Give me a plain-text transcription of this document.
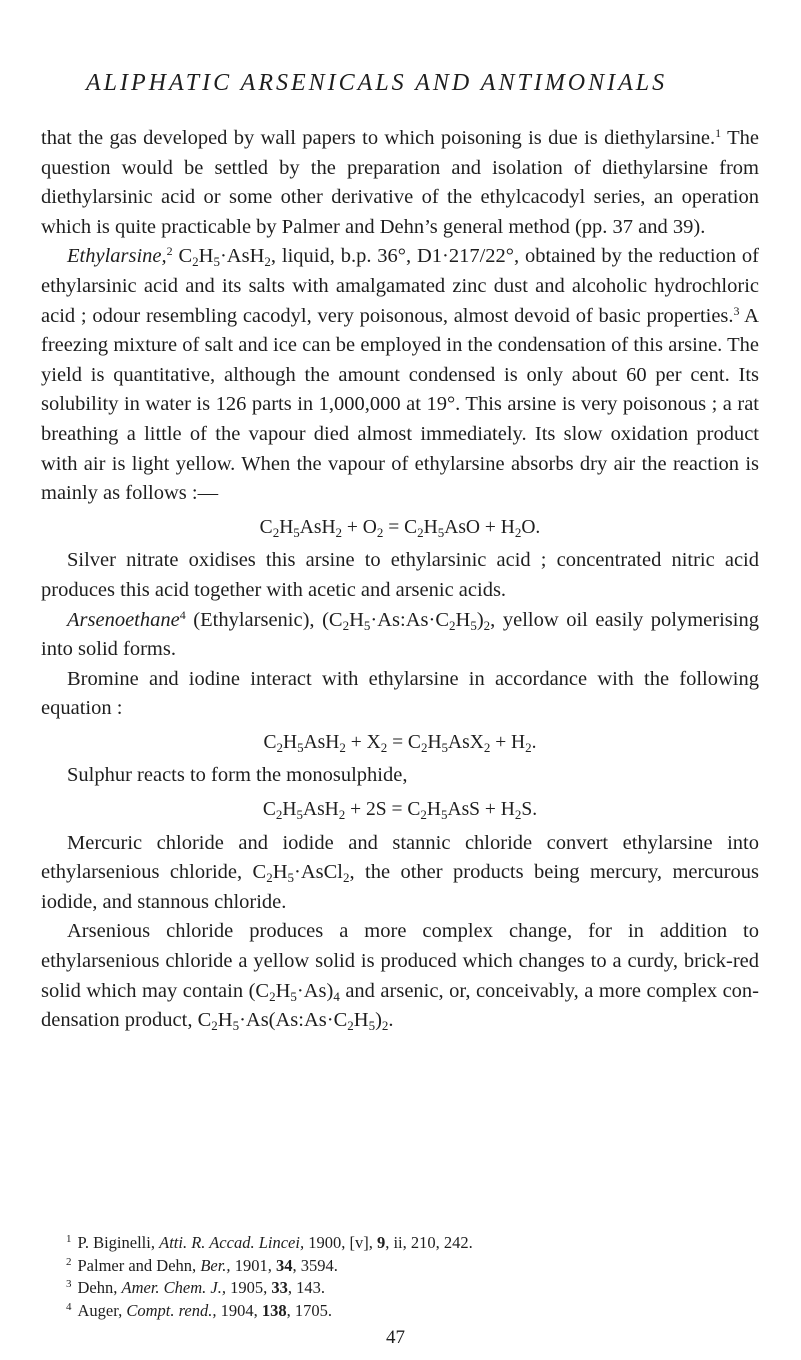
ALIPHATIC ARSENICALS AND ANTIMONIALS

that the gas developed by wall papers to which poisoning is due is diethylarsine.$^1$ The question would be settled by the preparation and isolation of diethylarsine from diethylarsinic acid or some other derivative of the ethylcacodyl series, an operation which is quite practicable by Palmer and Dehn’s general method (pp. 37 and 39).

Ethylarsine,$^2$ $C_2H_5\cdot AsH_2$, liquid, b.p. 36°, D1·217/22°, obtained by the reduction of ethylarsinic acid and its salts with amalgamated zinc dust and alcoholic hydrochloric acid ; odour resembling cacodyl, very poisonous, almost devoid of basic properties.$^3$ A freezing mixture of salt and ice can be employed in the condensation of this arsine. The yield is quantitative, although the amount condensed is only about 60 per cent. Its solubility in water is 126 parts in 1,000,000 at 19°. This arsine is very poisonous ; a rat breathing a little of the vapour died almost immediately. Its slow oxidation product with air is light yellow. When the vapour of ethylarsine absorbs dry air the reaction is mainly as follows :—

$C_2H_5AsH_2 + O_2 = C_2H_5AsO + H_2O$.

Silver nitrate oxidises this arsine to ethylarsinic acid ; concentrated nitric acid produces this acid together with acetic and arsenic acids.

Arsenoethane$^4$ (Ethylarsenic), $(C_2H_5\cdot As:As\cdot C_2H_5)_2$, yellow oil easily polymerising into solid forms.

Bromine and iodine interact with ethylarsine in accordance with the following equation :

$C_2H_5AsH_2 + X_2 = C_2H_5AsX_2 + H_2$.

Sulphur reacts to form the monosulphide,

$C_2H_5AsH_2 + 2S = C_2H_5AsS + H_2S$.

Mercuric chloride and iodide and stannic chloride convert ethylarsine into ethylarsenious chloride, $C_2H_5\cdot AsCl_2$, the other products being mercury, mercurous iodide, and stannous chloride.

Arsenious chloride produces a more complex change, for in addition to ethylarsenious chloride a yellow solid is produced which changes to a curdy, brick-red solid which may contain $(C_2H_5\cdot As)_4$ and arsenic, or, conceivably, a more complex condensation product, $C_2H_5\cdot As(As:As\cdot C_2H_5)_2$.

$^1$ P. Biginelli, Atti. R. Accad. Lincei, 1900, [v], 9, ii, 210, 242.
$^2$ Palmer and Dehn, Ber., 1901, 34, 3594.
$^3$ Dehn, Amer. Chem. J., 1905, 33, 143.
$^4$ Auger, Compt. rend., 1904, 138, 1705.
47
